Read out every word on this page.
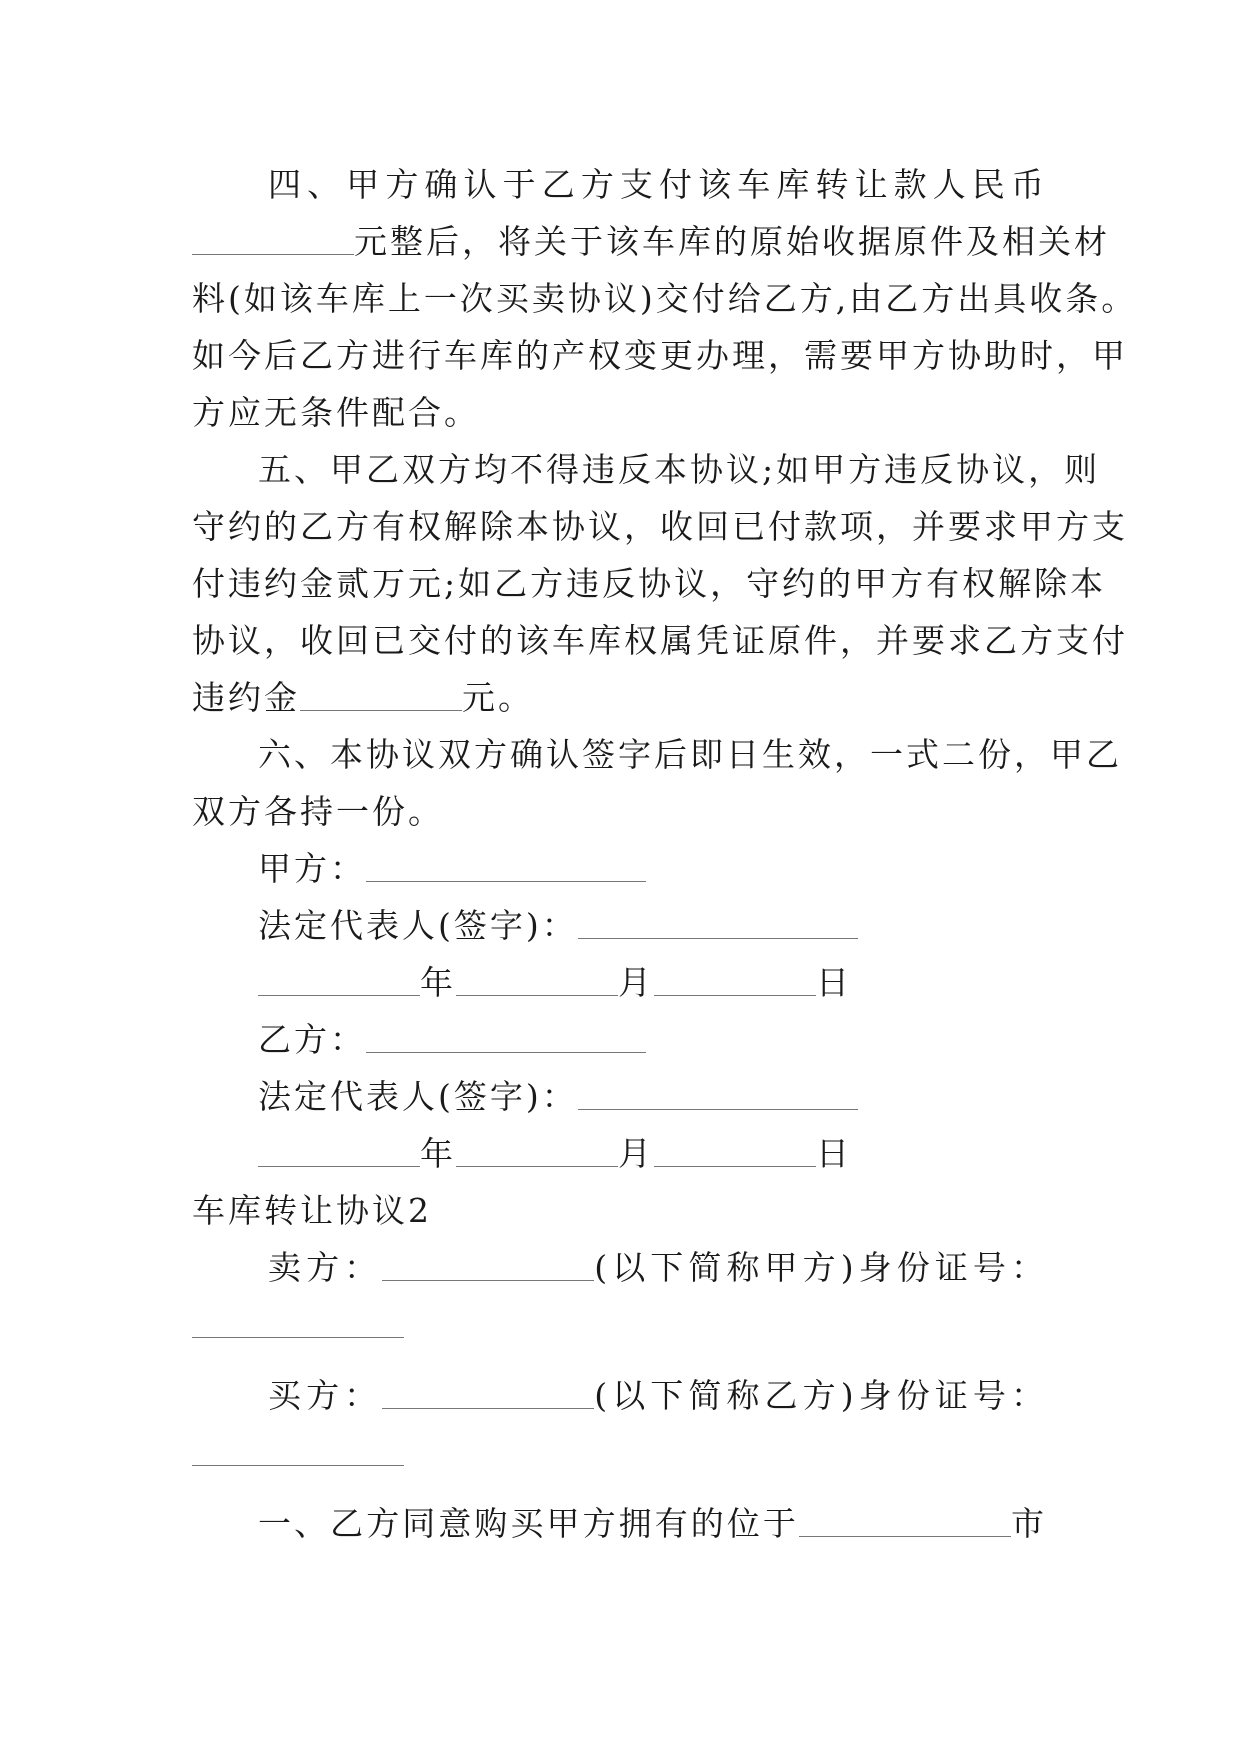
四、甲方确认于乙方支付该车库转让款人民币
元整后，将关于该车库的原始收据原件及相关材
料(如该车库上一次买卖协议)交付给乙方,由乙方出具收条。
如今后乙方进行车库的产权变更办理，需要甲方协助时，甲
方应无条件配合。
五、甲乙双方均不得违反本协议;如甲方违反协议，则
守约的乙方有权解除本协议，收回已付款项，并要求甲方支
付违约金贰万元;如乙方违反协议，守约的甲方有权解除本
协议，收回已交付的该车库权属凭证原件，并要求乙方支付
违约金	元。
六、本协议双方确认签字后即日生效，一式二份，甲乙
双方各持一份。
甲方：
法定代表人(签字)：
年	月	日
乙方：
法定代表人(签字)：
年	月	日
车库转让协议2
卖方：	(以下简称甲方)身份证号：
买方：	(以下简称乙方)身份证号：
一、乙方同意购买甲方拥有的位于	市
